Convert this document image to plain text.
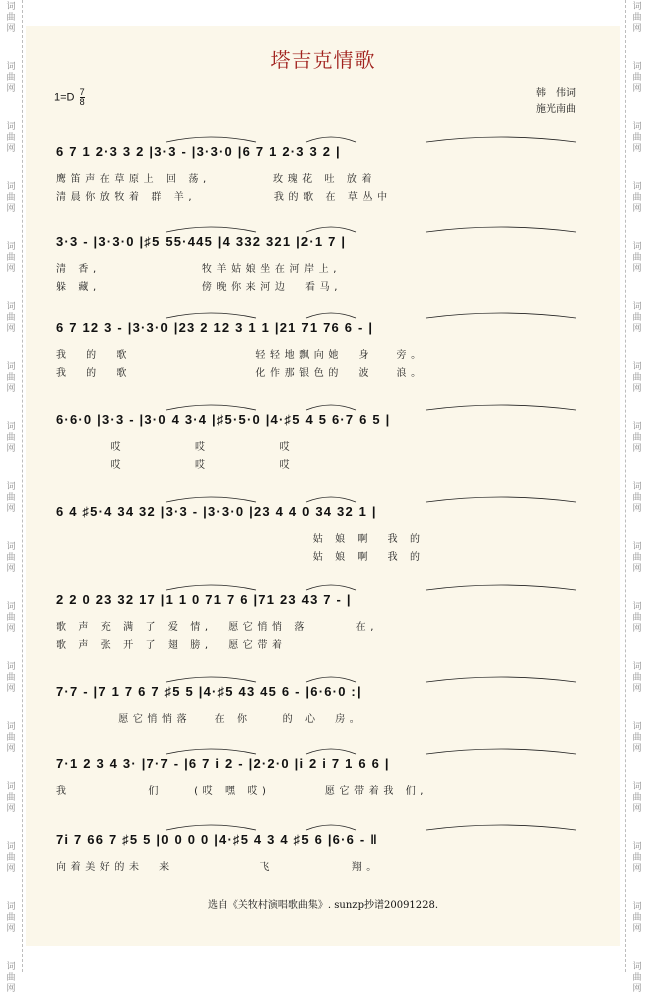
词
曲
网
词
曲
网
词
曲
网
词
曲
网
词
曲
网
词
曲
网
词
曲
网
词
曲
网
词
曲
网
词
曲
网
词
曲
网
词
曲
网
词
曲
网
词
曲
网
词
曲
网
词
曲
网
词
曲
网
词
曲
网
词
曲
网
词
曲
网
词
曲
网
词
曲
网
词
曲
网
词
曲
网
词
曲
网
词
曲
网
词
曲
网
词
曲
网
词
曲
网
词
曲
网
词
曲
网
词
曲
网
词
曲
网
词
曲
网
塔吉克情歌
$1=D \frac{7}{8}$	韩　伟词
施光南曲
6 7 1 2·3 3 2 |3·3 - |3·3·0 |6 7 1 2·3 3 2 |
鹰笛声在草原上 回 荡,        玫瑰花 吐 放着
清晨你放牧着 群 羊,          我的歌 在 草丛中
3·3 - |3·3·0 |♯5 55·445 |4 332 321 |2·1 7 |
清 香,             牧羊姑娘坐在河岸上,
躲 藏,             傍晚你来河边  看马,
6 7 12 3 - |3·3·0 |23 2 12 3 1 1 |21 71 76 6 - |
我  的  歌                轻轻地飘向她  身   旁。
我  的  歌                化作那银色的  波   浪。
6·6·0 |3·3 - |3·0 4 3·4 |♯5·5·0 |4·♯5 4 5 6·7 6 5 |
哎         哎         哎
哎         哎         哎
6 4 ♯5·4 34 32 |3·3 - |3·3·0 |23 4 4 0 34 32 1 |
姑 娘 啊  我 的
姑 娘 啊  我 的
2 2 0 23 32 17 |1 1 0 71 7 6 |71 23 43 7 - |
歌 声 充 满 了 爱 情,  愿它悄悄 落      在,
歌 声 张 开 了 翅 膀,  愿它带着
7·7 - |7 1 7 6 7 ♯5 5 |4·♯5 43 45 6 - |6·6·0 :|
愿它悄悄落   在 你    的 心  房。
7·1 2 3 4 3· |7·7 - |6 7 i 2 - |2·2·0 |i 2 i 7 1 6 6 |
我          们    (哎 嘿 哎)       愿它带着我 们,
7i 7 66 7 ♯5 5 |0 0 0 0 |4·♯5 4 3 4 ♯5 6 |6·6 - ‖
向着美好的未  来           飞          翔。
选自《关牧村演唱歌曲集》. sunzp抄谱20091228.
